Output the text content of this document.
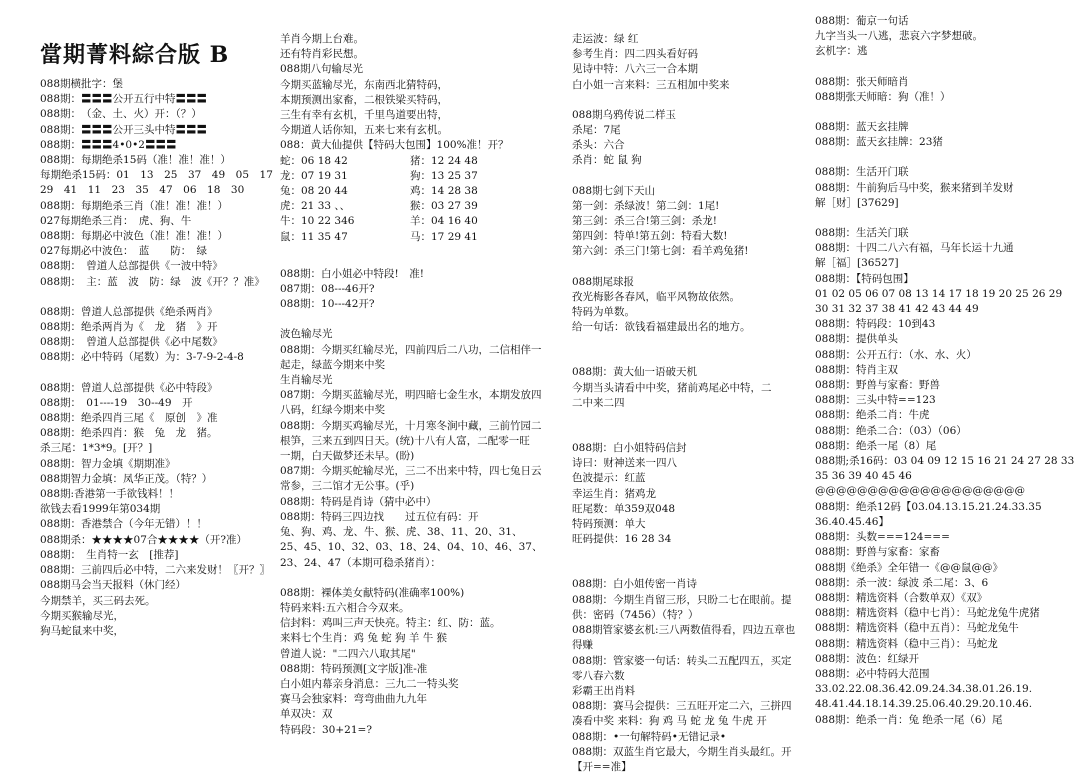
當期菁料綜合版 B
088期横批字：堡
088期：〓〓〓公开五行中特〓〓〓
088期：　（金、土、火）开：（？）
088期：〓〓〓公开三头中特〓〓〓
088期：〓〓〓4•0•2〓〓〓
088期：每期绝杀15码（准！准！准！）
每期绝杀15码：01　13　25　37　49　05　17
29　41　11　23　35　47　06　18　30
088期：每期绝杀三肖（准！准！准！）
027每期绝杀三肖：　虎、狗、牛
088期：每期必中波色（准！准！准！）
027每期必中波色：　蓝　　防：　绿
088期：　曾道人总部提供《一波中特》
088期：　主：蓝　波　防：绿　波《开？？准》
088期：曾道人总部提供《绝杀两肖》
088期：绝杀两肖为《　龙　猪　》开
088期：　曾道人总部提供《必中尾数》
088期：必中特码（尾数）为：3-7-9-2-4-8
088期：曾道人总部提供《必中特段》
088期：　01----19　30--49　开
088期：绝杀四肖三尾《　原创　》准
088期：绝杀四肖：猴　兔　龙　猪。
杀三尾：1*3*9。[开？]
088期：智力金填《期期准》
088期智力金填：凤华正茂。（特？）
088期:香港第一手欲钱料！！
欲钱去看1999年第034期
088期：香港禁合（今年无错）！！
088期杀：★★★★07合★★★★（开?准）
088期：　生肖特一玄　[推荐]
088期：三前四后必中特，二六来发财！〖开？〗
088期马会当天报料（休门经）
今期禁羊，买三码去死。
今期买猴输尽光，
狗马蛇鼠来中奖，
羊肖今期上台难。
还有特肖彩民想。
088期八句输尽光
今期买蓝输尽光，东南西北猜特码，
本期预测出家畜，二根铁梁买特码，
三生有幸有玄机，千里鸟道要出特，
今期道人话你知，五来七来有玄机。
088：黄大仙提供【特码大包围】100%准！开？
蛇：06 18 42	猪：12 24 48
龙：07 19 31	狗：13 25 37
兔：08 20 44	鸡：14 28 38
虎：21 33 、、	猴：03 27 39
牛：10 22 346	羊：04 16 40
鼠：11 35 47	马：17 29 41
088期：白小姐必中特段!　准!
087期：08---46开?
088期：10---42开?
波色输尽光
088期：今期买红输尽光，四前四后二八功，二信相伴一
起走，绿蓝今期来中奖
生肖输尽光
087期：今期买蓝输尽光，明四暗七金生水，本期发放四
八码，红绿今期来中奖
088期：今期买鸡输尽光，十月寒冬涧中藏，三前竹园二
根笋，三来五到四日天。(统)十八有人富，二配零一旺
一期，白天做梦还未早。(盼)
087期：今期买蛇输尽光，三二不出来中特，四七兔日云
常参，三二馆才无公事。(乎)
088期：特码是肖诗（猜中必中）
088期：特码三四边找　　过五位有码：开
兔、狗、鸡、龙、牛、猴、虎、38、11、20、31、
25、45、10、32、03、18、24、04、10、46、37、
23、24、47（本期可稳杀猪肖）：
088期：裸体美女献特码(准确率100%)
特码来料:五六相合今双来。
信封料：鸡叫三声天快亮。特主：红、防：蓝。
来料七个生肖：鸡 兔 蛇 狗 羊 牛 猴
曾道人说："二四六八取其尾"
088期：特码预测[文字版]准-准
白小姐内幕亲身消息：三九二一特头奖
赛马会独家料：弯弯曲曲九九年
单双决：双
特码段：30+21=?
走运波：绿 红
参考生肖：四二四头看好码
见诗中特：八六三一合本期
白小姐一言来料：三五相加中奖来
088期乌鸦传说二样玉
杀尾：7尾
杀头：六合
杀肖：蛇 鼠 狗
088期七剑下天山
第一剑：杀绿波！第二剑：1尾!
第三剑：杀三合!第三剑：杀龙!
第四剑：特单!第五剑：特看大数!
第六剑：杀三门!第七剑：看羊鸡兔猪!
088期尾球报
孜光梅影各春风，临平风物故依然。
特码为单数。
给一句话：欲钱看福建最出名的地方。
088期：黄大仙一语破天机
今期当头请看中中奖，猪前鸡尾必中特，二
二中来二四
088期：白小姐特码信封
诗曰：财神送来一四八
色波提示：红蓝
幸运生肖：猪鸡龙
旺尾数：单359双048
特码预测：单大
旺码提供：16 28 34
088期：白小姐传密一肖诗
088期：今期生肖留三形，只盼二七在眼前。提
供：密码（7456）（特？）
088期管家婆玄机:三八两数值得看，四边五章也
得赚
088期：管家婆一句话：转头二五配四五，买定
零八春六数
彩霸王出肖料
088期：赛马会提供：三五旺开定二六，三拼四
凑看中奖 来料：狗 鸡 马 蛇 龙 兔 牛虎 开
088期：•一句解特码•无错记录•
088期：双蓝生肖它最大，今期生肖头最红。开
【开==准】
088期：葡京一句话
九字当头一八逃，悲哀六字梦想破。
玄机字：逃
088期：张天师暗肖
088期张天师暗：狗（准！）
088期：蓝天玄挂牌
088期：蓝天玄挂牌：23猪
088期：生活开门联
088期：牛前狗后马中奖，猴来猪到羊发财
解［财］[37629]
088期：生活关门联
088期：十四二八六有福，马年长运十九通
解［福］[36527]
088期：【特码包围】
01 02 05 06 07 08 13 14 17 18 19 20 25 26 29
30 31 32 37 38 41 42 43 44 49
088期：特码段：10到43
088期：提供单头
088期：公开五行：（水、水、火）
088期：特肖主双
088期：野兽与家畜：野兽
088期：三头中特==123
088期：绝杀二肖：牛虎
088期：绝杀二合：（03）（06）
088期：绝杀一尾（8）尾
088期;杀16码：03 04 09 12 15 16 21 24 27 28 33
35 36 39 40 45 46
@@@@@@@@@@@@@@@@@@@@
088期：绝杀12码【03.04.13.15.21.24.33.35
36.40.45.46】
088期：头数===124===
088期：野兽与家畜：家畜
088期《绝杀》全年错一《@@鼠@@》
088期：杀一波：绿波 杀二尾：3、6
088期：精选资料（合数单双）《双》
088期：精选资料（稳中七肖）：马蛇龙兔牛虎猪
088期：精选资料（稳中五肖）：马蛇龙兔牛
088期：精选资料（稳中三肖）：马蛇龙
088期：波色：红绿开
088期：必中特码大范围
33.02.22.08.36.42.09.24.34.38.01.26.19.
48.41.44.18.14.39.25.06.40.29.20.10.46.
088期：绝杀一肖：兔 绝杀一尾（6）尾
